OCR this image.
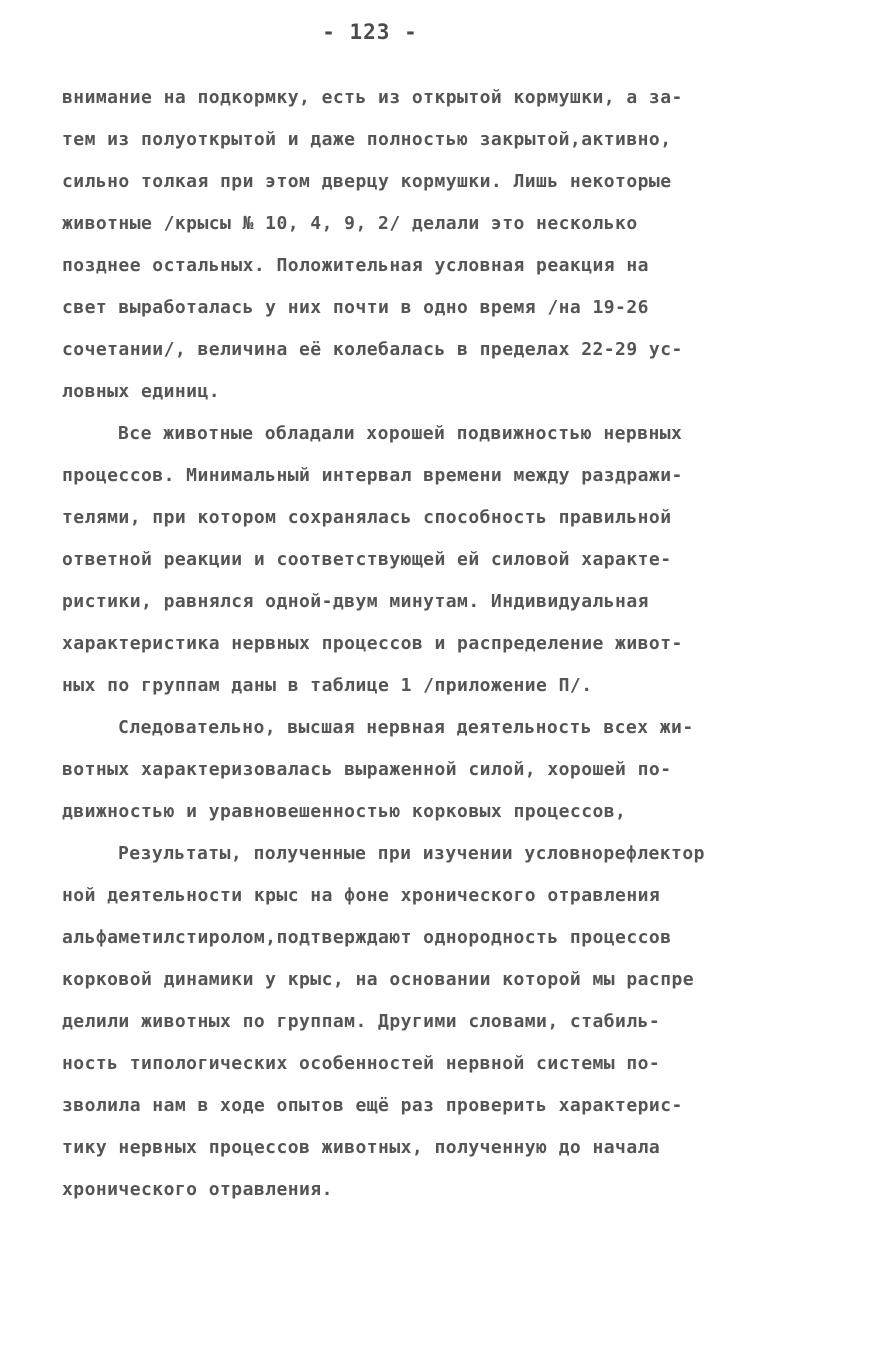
- 123 -
внимание на подкормку, есть из открытой кормушки, а за-
тем из полуоткрытой и даже полностью закрытой,активно,
сильно толкая при этом дверцу кормушки. Лишь некоторые
животные /крысы № 10, 4, 9, 2/ делали это несколько
позднее остальных. Положительная условная реакция на
свет выработалась у них почти в одно время /на 19-26
сочетании/, величина её колебалась в пределах 22-29 ус-
ловных единиц.
Все животные обладали хорошей подвижностью нервных
процессов. Минимальный интервал времени между раздражи-
телями, при котором сохранялась способность правильной
ответной реакции и соответствующей ей силовой характе-
ристики, равнялся одной-двум минутам. Индивидуальная
характеристика нервных процессов и распределение живот-
ных по группам даны в таблице 1 /приложение П/.
Следовательно, высшая нервная деятельность всех жи-
вотных характеризовалась выраженной силой, хорошей по-
движностью и уравновешенностью корковых процессов,
Результаты, полученные при изучении условнорефлектор
ной деятельности крыс на фоне хронического отравления
альфаметилстиролом,подтверждают однородность процессов
корковой динамики у крыс, на основании которой мы распре
делили животных по группам. Другими словами, стабиль-
ность типологических особенностей нервной системы по-
зволила нам в ходе опытов ещё раз проверить характерис-
тику нервных процессов животных, полученную до начала
хронического отравления.
